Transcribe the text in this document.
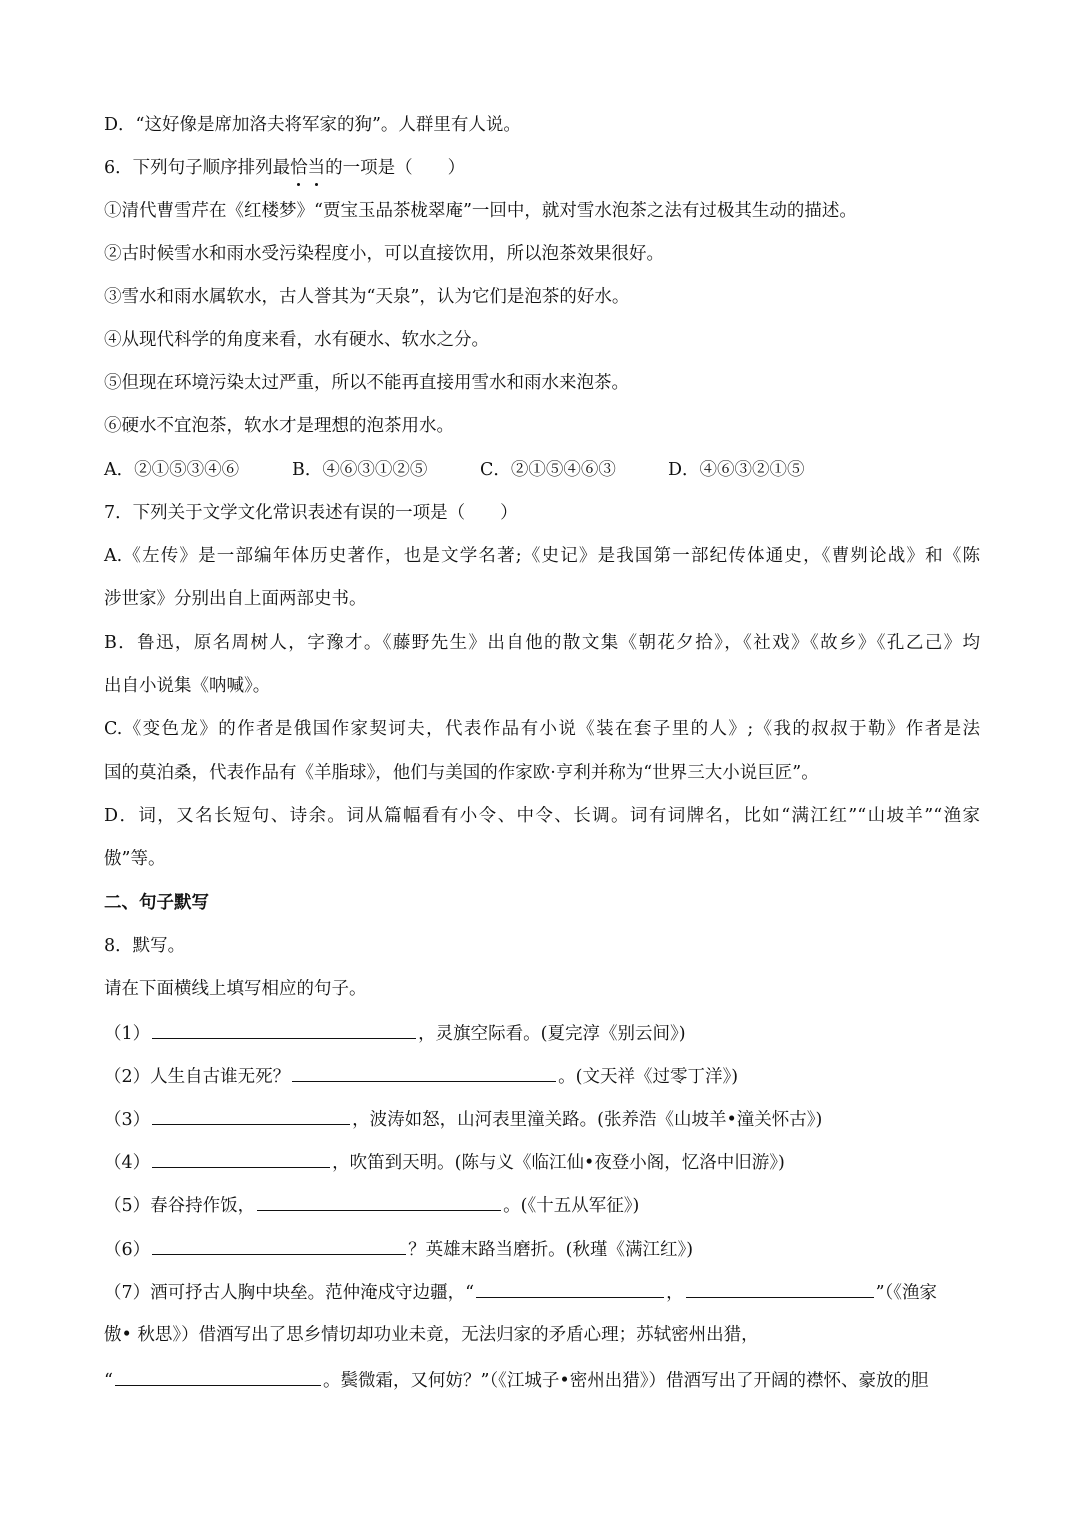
D．“这好像是席加洛夫将军家的狗”。人群里有人说。
6．下列句子顺序排列最恰当的一项是（　　）
①清代曹雪芹在《红楼梦》“贾宝玉品茶栊翠庵”一回中，就对雪水泡茶之法有过极其生动的描述。
②古时候雪水和雨水受污染程度小，可以直接饮用，所以泡茶效果很好。
③雪水和雨水属软水，古人誉其为“天泉”，认为它们是泡茶的好水。
④从现代科学的角度来看，水有硬水、软水之分。
⑤但现在环境污染太过严重，所以不能再直接用雪水和雨水来泡茶。
⑥硬水不宜泡茶，软水才是理想的泡茶用水。
A．②①⑤③④⑥	B．④⑥③①②⑤	C．②①⑤④⑥③	D．④⑥③②①⑤
7．下列关于文学文化常识表述有误的一项是（　　）
A.《左传》是一部编年体历史著作，也是文学名著;《史记》是我国第一部纪传体通史，《曹刿论战》和《陈
涉世家》分别出自上面两部史书。
B．鲁迅，原名周树人，字豫才。《藤野先生》出自他的散文集《朝花夕拾》，《社戏》《故乡》《孔乙己》均
出自小说集《呐喊》。
C.《变色龙》的作者是俄国作家契诃夫，代表作品有小说《装在套子里的人》;《我的叔叔于勒》作者是法
国的莫泊桑，代表作品有《羊脂球》，他们与美国的作家欧·亨利并称为“世界三大小说巨匠”。
D．词，又名长短句、诗余。词从篇幅看有小令、中令、长调。词有词牌名，比如“满江红”“山坡羊”“渔家
傲”等。
二、句子默写
8．默写。
请在下面横线上填写相应的句子。
（1）	，灵旗空际看。(夏完淳《别云间》)
（2）人生自古谁无死？	。(文天祥《过零丁洋》)
（3）	，波涛如怒，山河表里潼关路。(张养浩《山坡羊•潼关怀古》)
（4）	，吹笛到天明。(陈与义《临江仙•夜登小阁，忆洛中旧游》)
（5）春谷持作饭，	。(《十五从军征》)
（6）	？英雄末路当磨折。(秋瑾《满江红》)
（7）酒可抒古人胸中块垒。范仲淹戍守边疆，“	，	”（《渔家
傲• 秋思》）借酒写出了思乡情切却功业未竟，无法归家的矛盾心理；苏轼密州出猎，
“	。鬓微霜，又何妨？”（《江城子•密州出猎》）借酒写出了开阔的襟怀、豪放的胆
